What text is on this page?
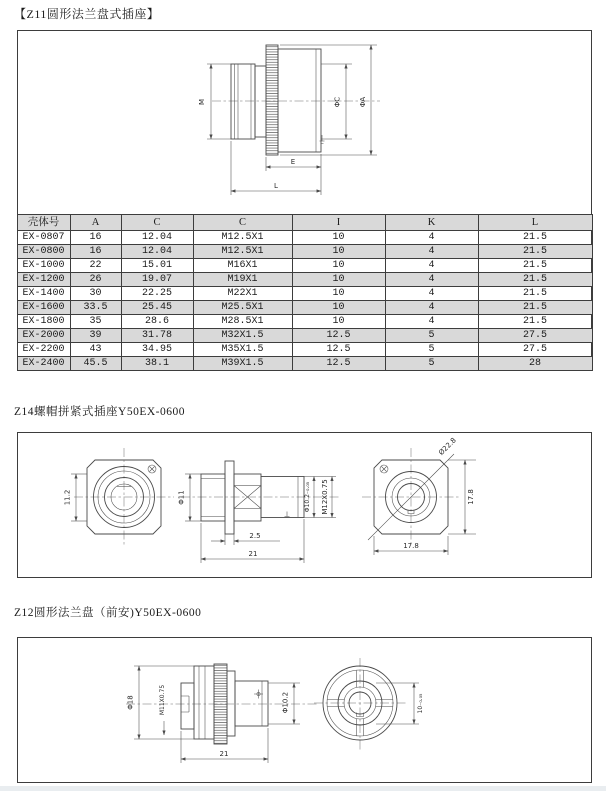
【Z11圆形法兰盘式插座】
M	ΦC	ΦA
E
L
壳体号	A	C	C	I	K	L
EX-0807	16	12.04	M12.5X1	10	4	21.5
EX-0800	16	12.04	M12.5X1	10	4	21.5
EX-1000	22	15.01	M16X1	10	4	21.5
EX-1200	26	19.07	M19X1	10	4	21.5
EX-1400	30	22.25	M22X1	10	4	21.5
EX-1600	33.5	25.45	M25.5X1	10	4	21.5
EX-1800	35	28.6	M28.5X1	10	4	21.5
EX-2000	39	31.78	M32X1.5	12.5	5	27.5
EX-2200	43	34.95	M35X1.5	12.5	5	27.5
EX-2400	45.5	38.1	M39X1.5	12.5	5	28
Z14螺帽拼紧式插座Y50EX-0600
11.2	Φ11	Φ10.2₋₀.₀₅ M12X0.75
2.5
21
Ø22.8
17.8
17.8
Z12圆形法兰盘（前安)Y50EX-0600
Φ18	M11X0.75	Φ10.2
21
10₋₀.₀₅
